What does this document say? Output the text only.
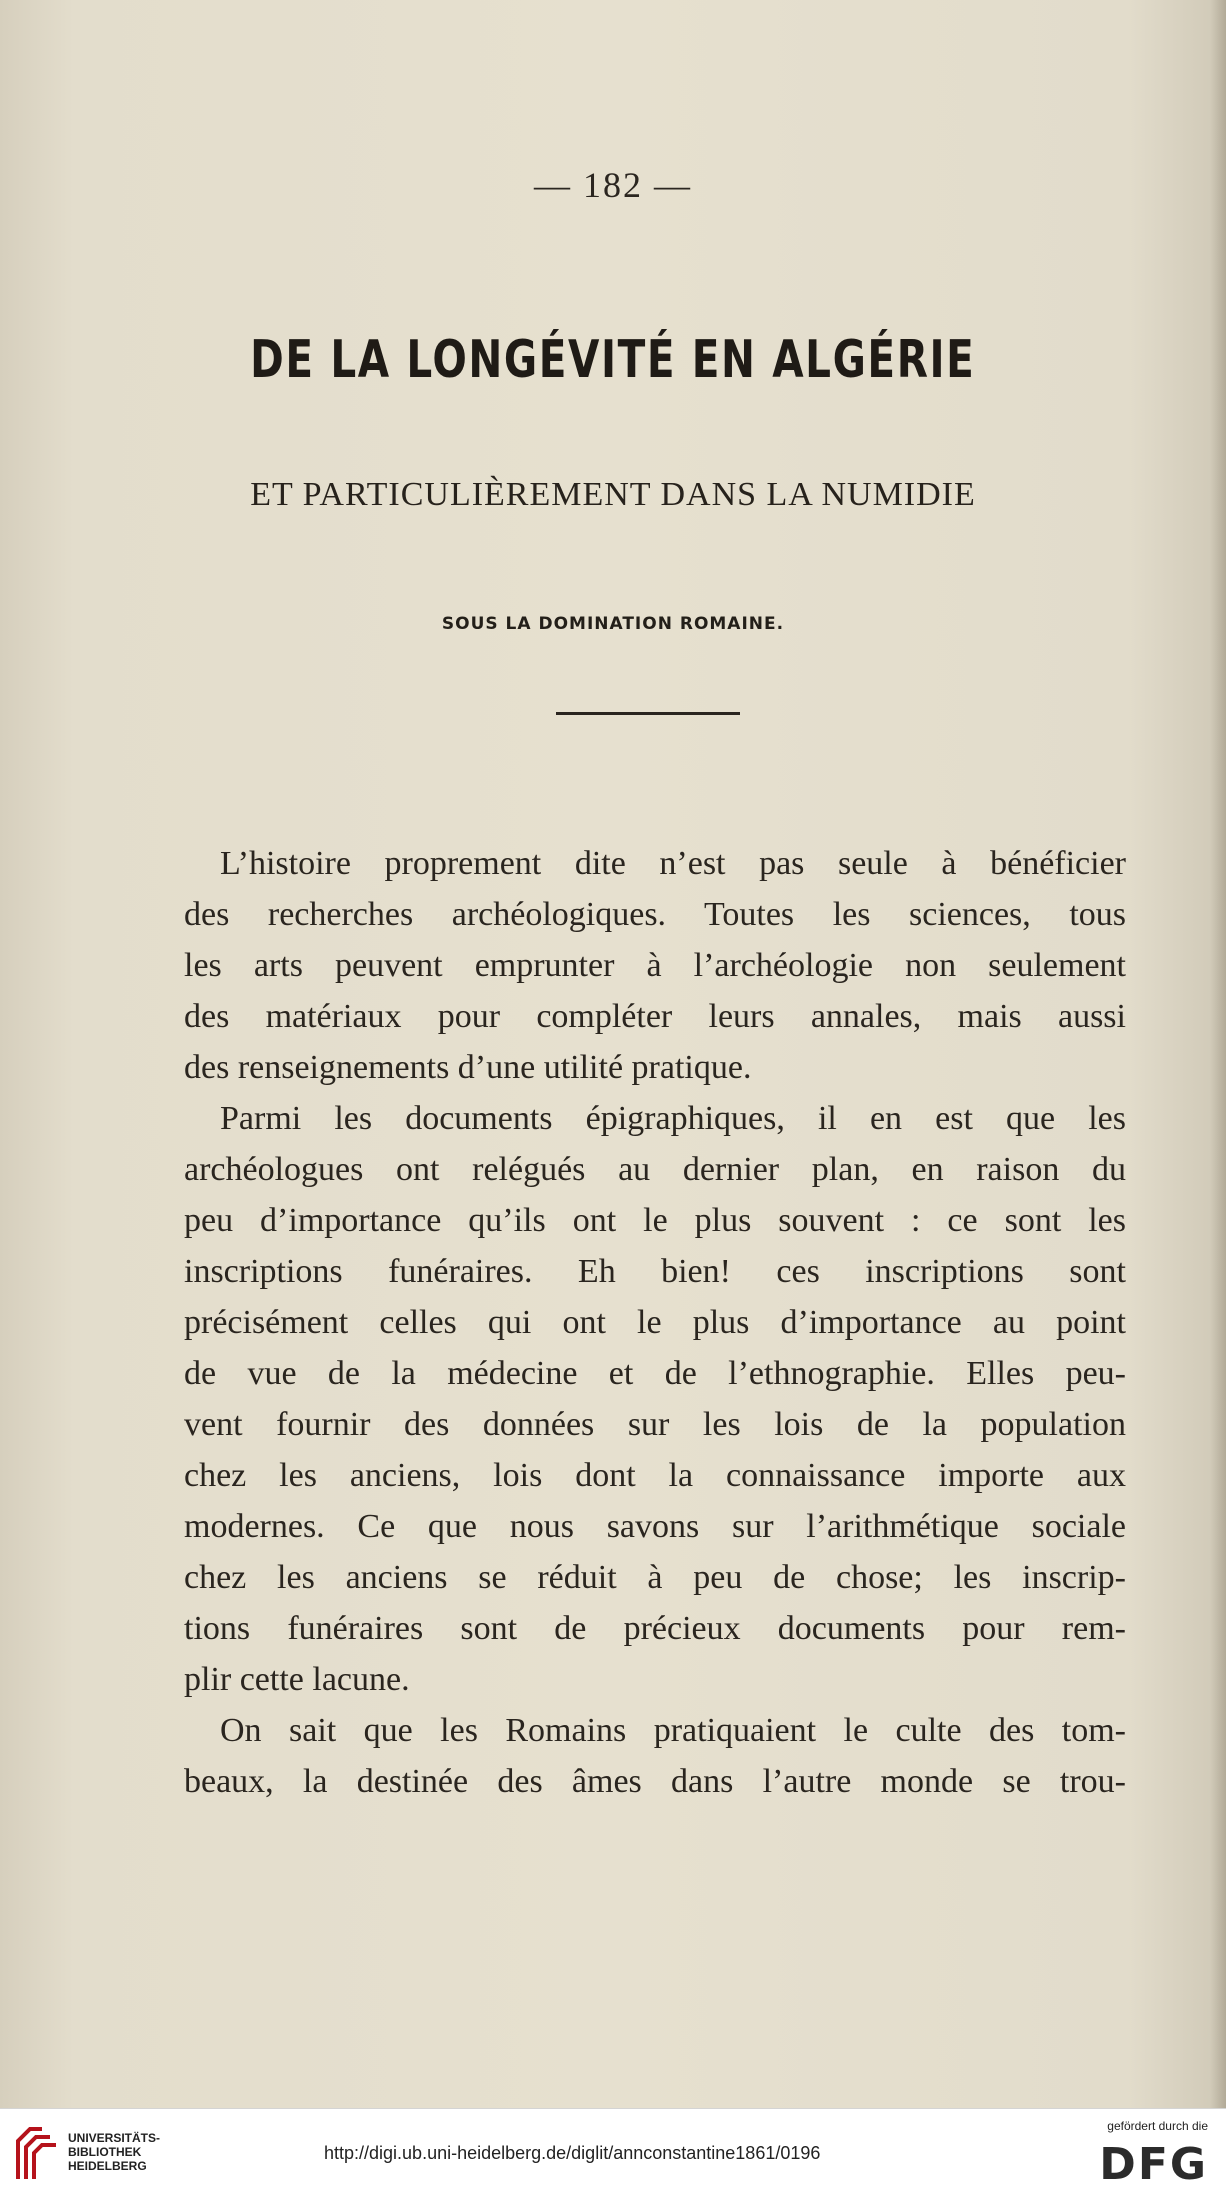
— 182 —
DE LA LONGÉVITÉ EN ALGÉRIE
ET PARTICULIÈREMENT DANS LA NUMIDIE
SOUS LA DOMINATION ROMAINE.
L’histoire proprement dite n’est pas seule à bénéficier
des recherches archéologiques. Toutes les sciences, tous
les arts peuvent emprunter à l’archéologie non seulement
des matériaux pour compléter leurs annales, mais aussi
des renseignements d’une utilité pratique.
Parmi les documents épigraphiques, il en est que les
archéologues ont relégués au dernier plan, en raison du
peu d’importance qu’ils ont le plus souvent : ce sont les
inscriptions funéraires. Eh bien! ces inscriptions sont
précisément celles qui ont le plus d’importance au point
de vue de la médecine et de l’ethnographie. Elles peu-
vent fournir des données sur les lois de la population
chez les anciens, lois dont la connaissance importe aux
modernes. Ce que nous savons sur l’arithmétique sociale
chez les anciens se réduit à peu de chose; les inscrip-
tions funéraires sont de précieux documents pour rem-
plir cette lacune.
On sait que les Romains pratiquaient le culte des tom-
beaux, la destinée des âmes dans l’autre monde se trou-
UNIVERSITÄTS-
BIBLIOTHEK
HEIDELBERG
http://digi.ub.uni-heidelberg.de/diglit/annconstantine1861/0196
gefördert durch die
DFG
